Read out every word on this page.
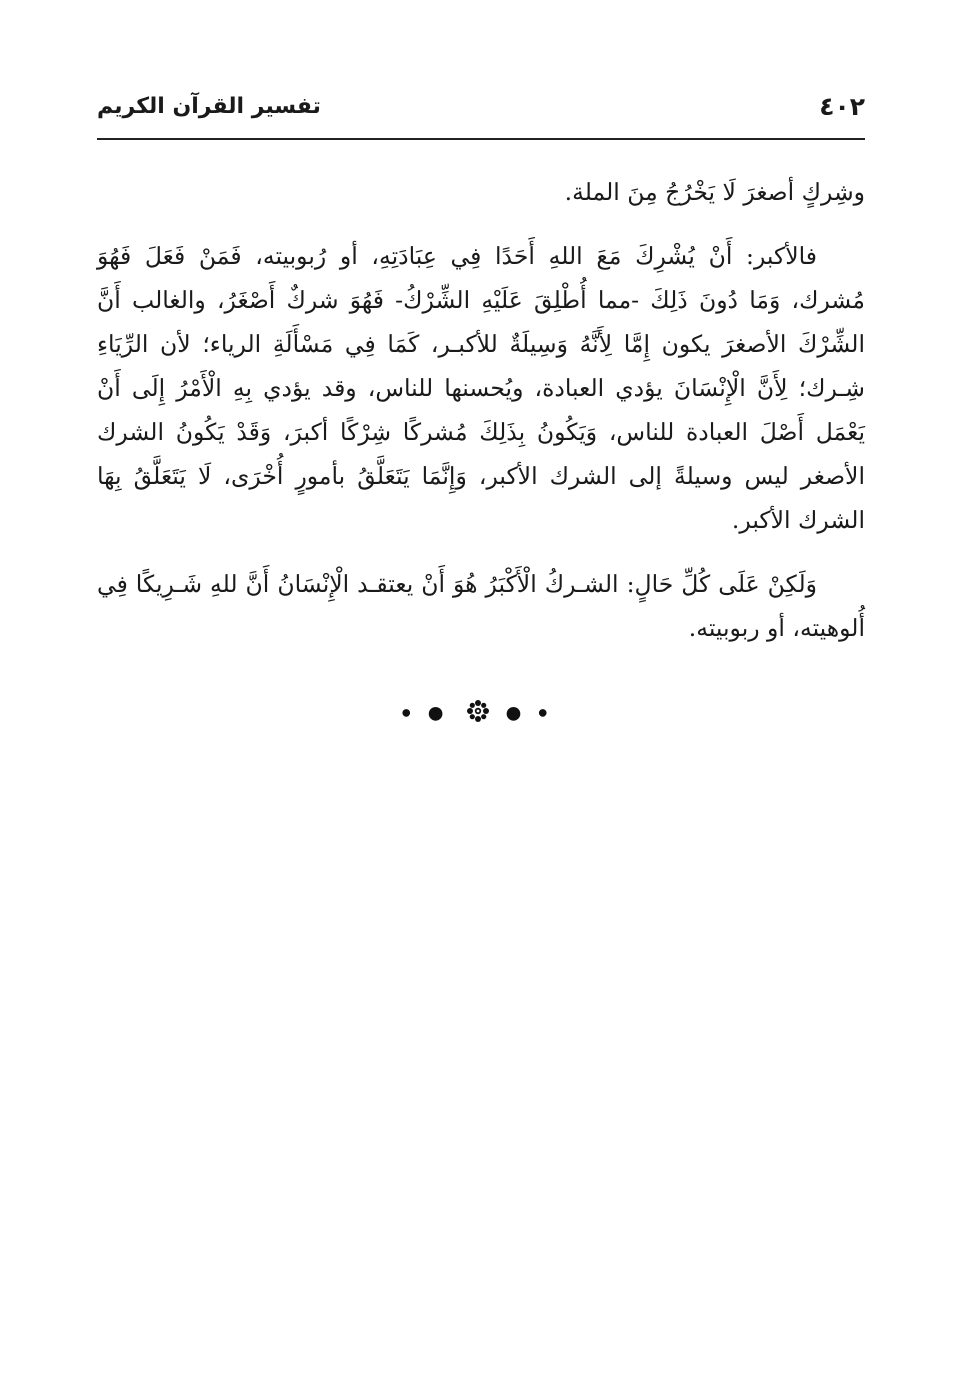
٤٠٢
تفسير القرآن الكريم

وشِركٍ أصغرَ لَا يَخْرُجُ مِنَ الملة.

فالأكبر: أَنْ يُشْرِكَ مَعَ اللهِ أَحَدًا فِي عِبَادَتِهِ، أو رُبوبيته، فَمَنْ فَعَلَ فَهُوَ مُشرك، وَمَا دُونَ ذَلِكَ -مما أُطْلِقَ عَلَيْهِ الشِّرْكُ- فَهُوَ شركٌ أَصْغَرُ، والغالب أَنَّ الشِّرْكَ الأصغرَ يكون إِمَّا لِأَنَّهُ وَسِيلَةٌ للأكبـر، كَمَا فِي مَسْأَلَةِ الرياء؛ لأن الرِّيَاءِ شِـرك؛ لِأَنَّ الْإِنْسَانَ يؤدي العبادة، ويُحسنها للناس، وقد يؤدي بِهِ الْأَمْرُ إِلَى أَنْ يَعْمَل أَصْلَ العبادة للناس، وَيَكُونُ بِذَلِكَ مُشركًا شِرْكًا أكبرَ، وَقَدْ يَكُونُ الشرك الأصغر ليس وسيلةً إلى الشرك الأكبر، وَإِنَّمَا يَتَعَلَّقُ بأمورٍ أُخْرَى، لَا يَتَعَلَّقُ بِهَا الشرك الأكبر.

وَلَكِنْ عَلَى كُلِّ حَالٍ: الشـركُ الْأَكْبَرُ هُوَ أَنْ يعتقـد الْإِنْسَانُ أَنَّ للهِ شَـرِيكًا فِي أُلوهيته، أو ربوبيته.

● ●	● ●
